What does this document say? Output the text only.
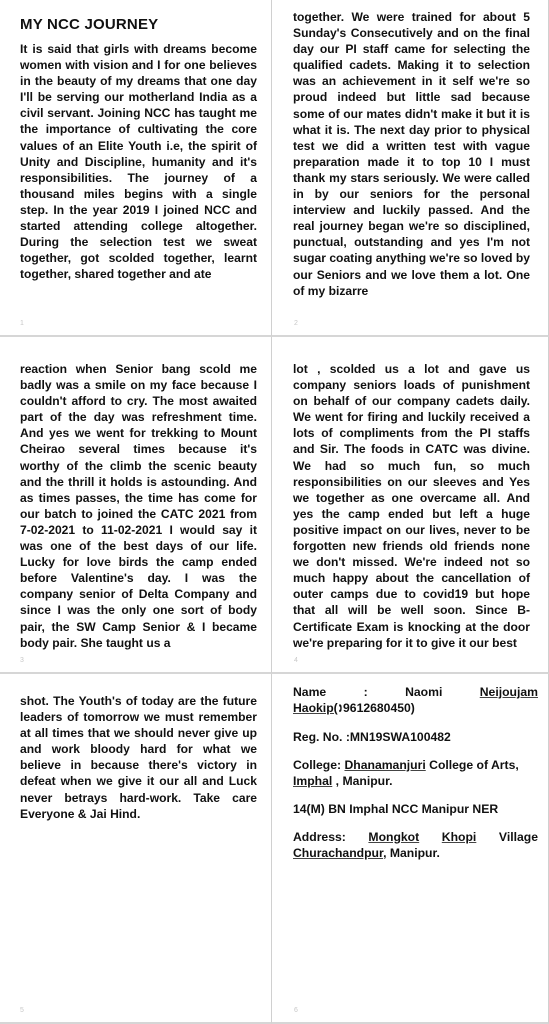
MY NCC JOURNEY
It is said that girls with dreams become women with vision and I for one believes in the beauty of my dreams that one day I'll be serving our motherland India as a civil servant. Joining NCC has taught me the importance of cultivating the core values of an Elite Youth i.e, the spirit of Unity and Discipline, humanity and it's responsibilities. The journey of a thousand miles begins with a single step. In the year 2019 I joined NCC and started attending college altogether. During the selection test we sweat together, got scolded together, learnt together, shared together and ate
1
together. We were trained for about 5 Sunday's Consecutively and on the final day our PI staff came for selecting the qualified cadets. Making it to selection was an achievement in it self we're so proud indeed but little sad because some of our mates didn't make it but it is what it is. The next day prior to physical test we did a written test with vague preparation made it to top 10 I must thank my stars seriously. We were called in by our seniors for the personal interview and luckily passed. And the real journey began we're so disciplined, punctual, outstanding and yes I'm not sugar coating anything we're so loved by our Seniors and we love them a lot. One of my bizarre
2
reaction when Senior bang scold me badly was a smile on my face because I couldn't afford to cry. The most awaited part of the day was refreshment time. And yes we went for trekking to Mount Cheirao several times because it's worthy of the climb the scenic beauty and the thrill it holds is astounding. And as times passes, the time has come for our batch to joined the CATC 2021 from 7-02-2021 to 11-02-2021 I would say it was one of the best days of our life. Lucky for love birds the camp ended before Valentine's day. I was the company senior of Delta Company and since I was the only one sort of body pair, the SW Camp Senior & I became body pair. She taught us a
3
lot , scolded us a lot and gave us company seniors loads of punishment on behalf of our company cadets daily. We went for firing and luckily received a lots of compliments from the PI staffs and Sir. The foods in CATC was divine. We had so much fun, so much responsibilities on our sleeves and Yes we together as one overcame all. And yes the camp ended but left a huge positive impact on our lives, never to be forgotten new friends old friends none we don't missed. We're indeed not so much happy about the cancellation of outer camps due to covid19 but hope that all will be well soon. Since B-Certificate Exam is knocking at the door we're preparing for it to give it our best
4
shot. The Youth's of today are the future leaders of tomorrow we must remember at all times that we should never give up and work bloody hard for what we believe in because there's victory in defeat when we give it our all and Luck never betrays hard-work. Take care Everyone & Jai Hind.
5
Name	:	Naomi	Neijoujam
Haokip(🕽9612680450)
Reg. No. :MN19SWA100482
College: Dhanamanjuri College of Arts,
Imphal , Manipur.
14(M) BN Imphal NCC Manipur NER
Address: Mongkot Khopi Village
Churachandpur, Manipur.
6
